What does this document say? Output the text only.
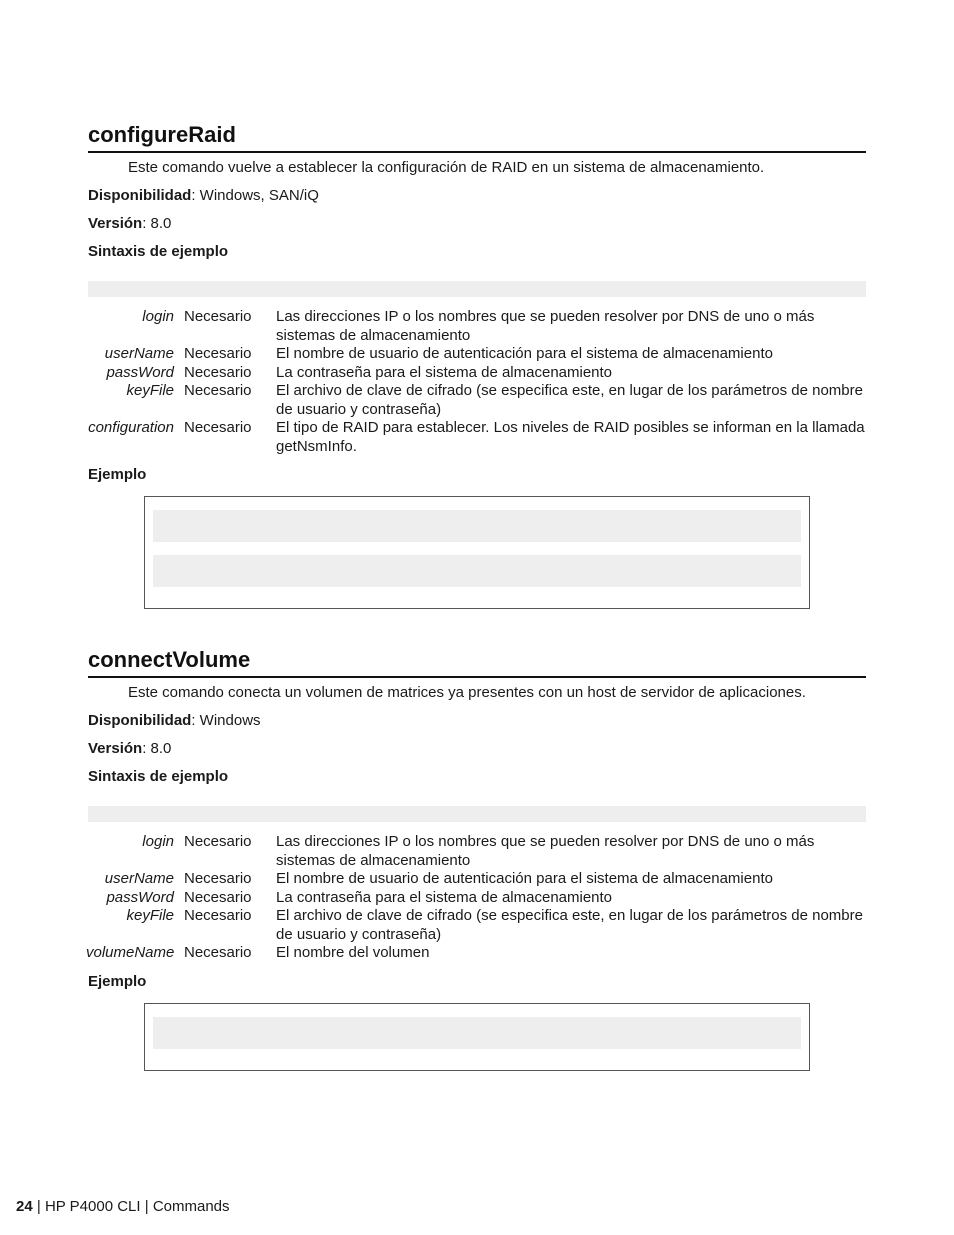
configureRaid
Este comando vuelve a establecer la configuración de RAID en un sistema de almacenamiento.
Disponibilidad: Windows, SAN/iQ
Versión: 8.0
Sintaxis de ejemplo
login Necesario	Las direcciones IP o los nombres que se pueden resolver por DNS de uno o más sistemas de almacenamiento
userName Necesario	El nombre de usuario de autenticación para el sistema de almacenamiento
passWord Necesario	La contraseña para el sistema de almacenamiento
keyFile Necesario	El archivo de clave de cifrado (se especifica este, en lugar de los parámetros de nombre de usuario y contraseña)
configuration Necesario	El tipo de RAID para establecer. Los niveles de RAID posibles se informan en la llamada getNsmInfo.
Ejemplo
connectVolume
Este comando conecta un volumen de matrices ya presentes con un host de servidor de aplicaciones.
Disponibilidad: Windows
Versión: 8.0
Sintaxis de ejemplo
login Necesario	Las direcciones IP o los nombres que se pueden resolver por DNS de uno o más sistemas de almacenamiento
userName Necesario	El nombre de usuario de autenticación para el sistema de almacenamiento
passWord Necesario	La contraseña para el sistema de almacenamiento
keyFile Necesario	El archivo de clave de cifrado (se especifica este, en lugar de los parámetros de nombre de usuario y contraseña)
volumeName Necesario	El nombre del volumen
Ejemplo
24 | HP P4000 CLI | Commands
